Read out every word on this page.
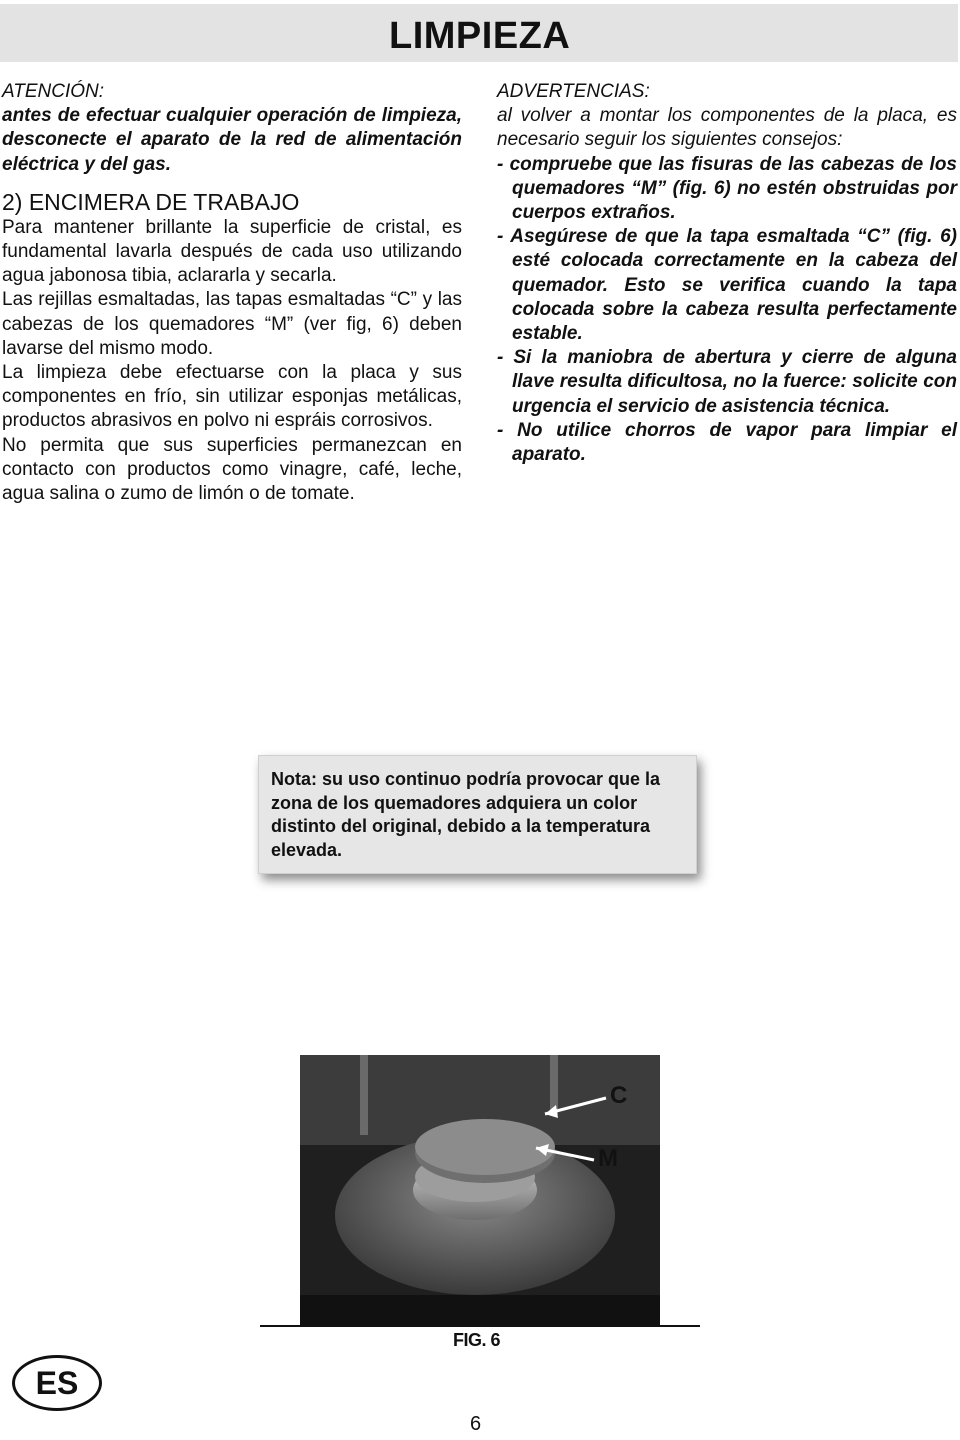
LIMPIEZA

ATENCIÓN:

antes de efectuar cualquier operación de limpieza, desconecte el aparato de la red de alimentación eléctrica y del gas.

2) ENCIMERA DE TRABAJO

Para mantener brillante la superficie de cristal, es fundamental lavarla después de cada uso utilizando agua jabonosa tibia, aclararla y secarla.

Las rejillas esmaltadas, las tapas esmaltadas “C” y las cabezas de los quemadores “M” (ver fig, 6) deben lavarse del mismo modo.

La limpieza debe efectuarse con la placa y sus componentes en frío, sin utilizar esponjas metálicas, productos abrasivos en polvo ni espráis corrosivos.

No permita que sus superficies permanezcan en contacto con productos como vinagre, café, leche, agua salina o zumo de limón o de tomate.

ADVERTENCIAS:

al volver a montar los componentes de la placa, es necesario seguir los siguientes consejos:

- compruebe que las fisuras de las cabezas de los quemadores “M” (fig. 6) no estén obstruidas por cuerpos extraños.

- Asegúrese de que la tapa esmaltada “C” (fig. 6) esté colocada correctamente en la cabeza del quemador. Esto se verifica cuando la tapa colocada sobre la cabeza resulta perfectamente estable.

- Si la maniobra de abertura y cierre de alguna llave resulta dificultosa, no la fuerce: solicite con urgencia el servicio de asistencia técnica.

- No utilice chorros de vapor para limpiar el aparato.

Nota: su uso continuo podría provocar que la zona de los quemadores adquiera un color distinto del original, debido a la temperatura elevada.
C
M
FIG. 6
ES
6
